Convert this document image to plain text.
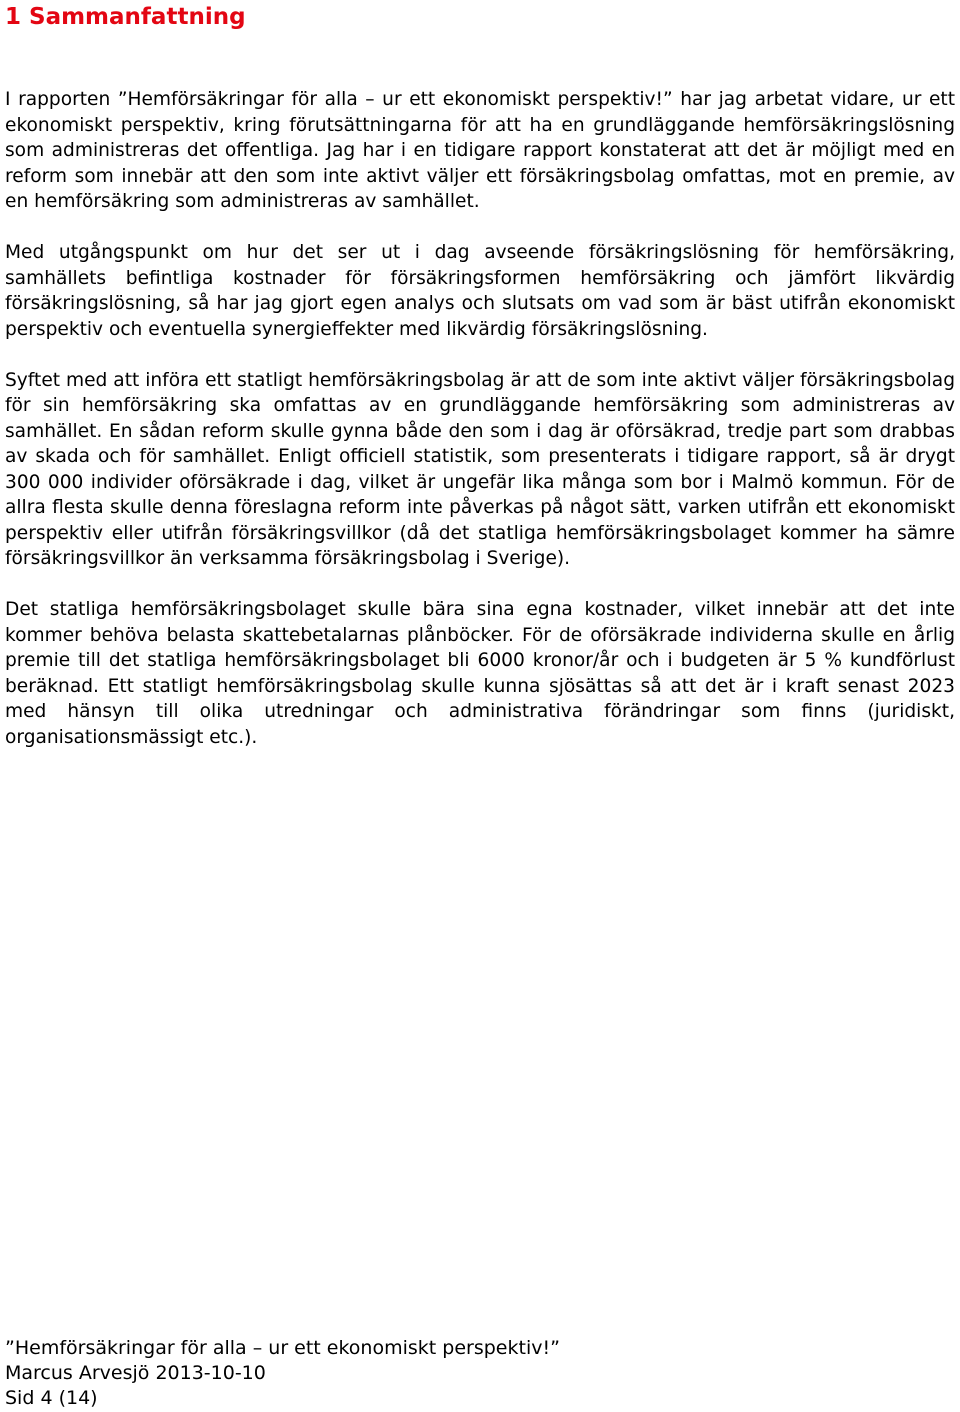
1 Sammanfattning

I rapporten ”Hemförsäkringar för alla – ur ett ekonomiskt perspektiv!” har jag arbetat vidare, ur ett ekonomiskt perspektiv, kring förutsättningarna för att ha en grundläggande hemförsäkringslösning som administreras det offentliga. Jag har i en tidigare rapport konstaterat att det är möjligt med en reform som innebär att den som inte aktivt väljer ett försäkringsbolag omfattas, mot en premie, av en hemförsäkring som administreras av samhället.

Med utgångspunkt om hur det ser ut i dag avseende försäkringslösning för hemförsäkring, samhällets befintliga kostnader för försäkringsformen hemförsäkring och jämfört likvärdig försäkringslösning, så har jag gjort egen analys och slutsats om vad som är bäst utifrån ekonomiskt perspektiv och eventuella synergieffekter med likvärdig försäkringslösning.

Syftet med att införa ett statligt hemförsäkringsbolag är att de som inte aktivt väljer försäkringsbolag för sin hemförsäkring ska omfattas av en grundläggande hemförsäkring som administreras av samhället. En sådan reform skulle gynna både den som i dag är oförsäkrad, tredje part som drabbas av skada och för samhället. Enligt officiell statistik, som presenterats i tidigare rapport, så är drygt 300 000 individer oförsäkrade i dag, vilket är ungefär lika många som bor i Malmö kommun. För de allra flesta skulle denna föreslagna reform inte påverkas på något sätt, varken utifrån ett ekonomiskt perspektiv eller utifrån försäkringsvillkor (då det statliga hemförsäkringsbolaget kommer ha sämre försäkringsvillkor än verksamma försäkringsbolag i Sverige).

Det statliga hemförsäkringsbolaget skulle bära sina egna kostnader, vilket innebär att det inte kommer behöva belasta skattebetalarnas plånböcker. För de oförsäkrade individerna skulle en årlig premie till det statliga hemförsäkringsbolaget bli 6000 kronor/år och i budgeten är 5 % kundförlust beräknad. Ett statligt hemförsäkringsbolag skulle kunna sjösättas så att det är i kraft senast 2023 med hänsyn till olika utredningar och administrativa förändringar som finns (juridiskt, organisationsmässigt etc.).

”Hemförsäkringar för alla – ur ett ekonomiskt perspektiv!”
Marcus Arvesjö 2013-10-10
Sid 4 (14)
